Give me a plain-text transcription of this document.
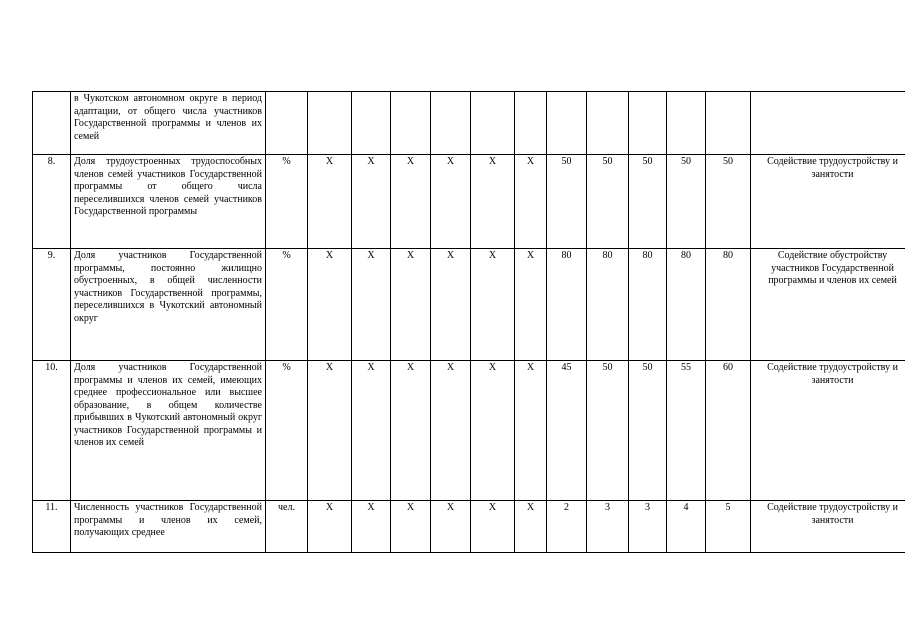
	в Чукотском автономном округе в период адаптации, от общего числа участников Государственной программы и членов их семей													
8.	Доля трудоустроенных трудоспособных членов семей участников Государственной программы от общего числа переселившихся членов семей участников Государственной программы	%	Х	Х	Х	Х	Х	Х	50	50	50	50	50	Содействие трудоустройству и занятости
9.	Доля участников Государственной программы, постоянно жилищно обустроенных, в общей численности участников Государственной программы, переселившихся в Чукотский автономный округ	%	Х	Х	Х	Х	Х	Х	80	80	80	80	80	Содействие обустройству участников Государственной программы и членов их семей
10.	Доля участников Государственной программы и членов их семей, имеющих среднее профессиональное или высшее образование, в общем количестве прибывших в Чукотский автономный округ участников Государственной программы и членов их семей	%	Х	Х	Х	Х	Х	Х	45	50	50	55	60	Содействие трудоустройству и занятости
11.	Численность участников Государственной программы и членов их семей, получающих среднее	чел.	Х	Х	Х	Х	Х	Х	2	3	3	4	5	Содействие трудоустройству и занятости
